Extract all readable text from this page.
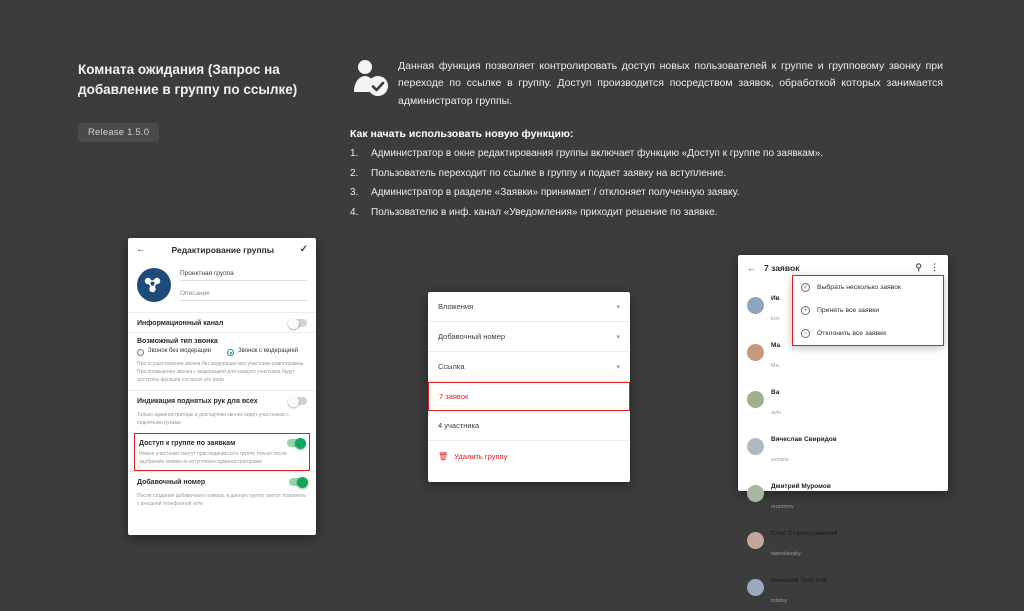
Комната ожидания (Запрос на добавление в группу по ссылке)
Release 1.5.0
Данная функция позволяет контролировать доступ новых пользователей к группе и групповому звонку при переходе по ссылке в группу. Доступ производится посредством заявок, обработкой которых занимается администратор группы.
Как начать использовать новую функцию:
1.	Администратор в окне редактирования группы включает функцию «Доступ к группе по заявкам».
2.	Пользователь переходит по ссылке в группу и подает заявку на вступление.
3.	Администратор в разделе «Заявки» принимает / отклоняет полученную заявку.
4.	Пользователю в инф. канал «Уведомления» приходит решение по заявке.
←	Редактирование группы	✓
Проектная группа
Описание
Информационный канал
Возможный тип звонка
Звонок без модерации	Звонок с модерацией
При осуществлении звонка без модерации все участники равноправны. При проведении звонка с модерацией для каждого участника будут доступны функции согласно его роли
Индикация поднятых рук для всех
Только администраторы и докладчики звонка видят участников с поднятыми руками
Доступ к группе по заявкам
Новые участники смогут присоединиться к группе только после одобрения заявки на вступление администраторами
Добавочный номер
После создания добавочного номера, в данную группу смогут позвонить с внешней телефонной сети
Вложения	▾
Добавочный номер	▾
Ссылка	▾
7 заявок
4 участника
🗑 Удалить группу
← 7 заявок	⚲ ⋮
Ив
kon
Ма
Ma
Ва
avin
Вячеслав Свиридов
svirdon
Дмитрий Муромов
muromov
Стас Станиславский
stanislavsky
Николай Толстой
tolstoy
✓ Выбрать несколько заявок
+	Принять все заявки
−	Отклонить все заявки
